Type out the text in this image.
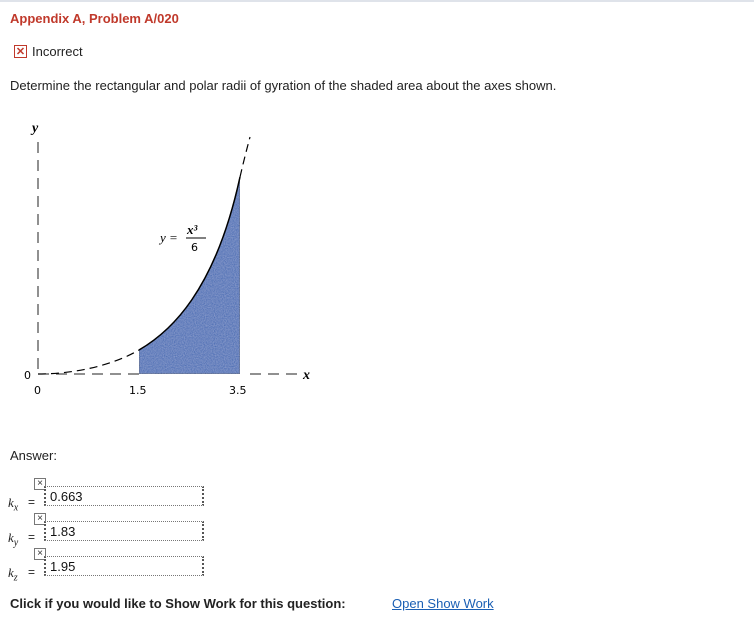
Appendix A, Problem A/020
✕ Incorrect
Determine the rectangular and polar radii of gyration of the shaded area about the axes shown.
y
x
0
0	1.5	3.5
y =
x³
6
Answer:
×
$k_x$ =
0.663
×
$k_y$ =
1.83
×
$k_z$ =
1.95
Click if you would like to Show Work for this question:	Open Show Work
